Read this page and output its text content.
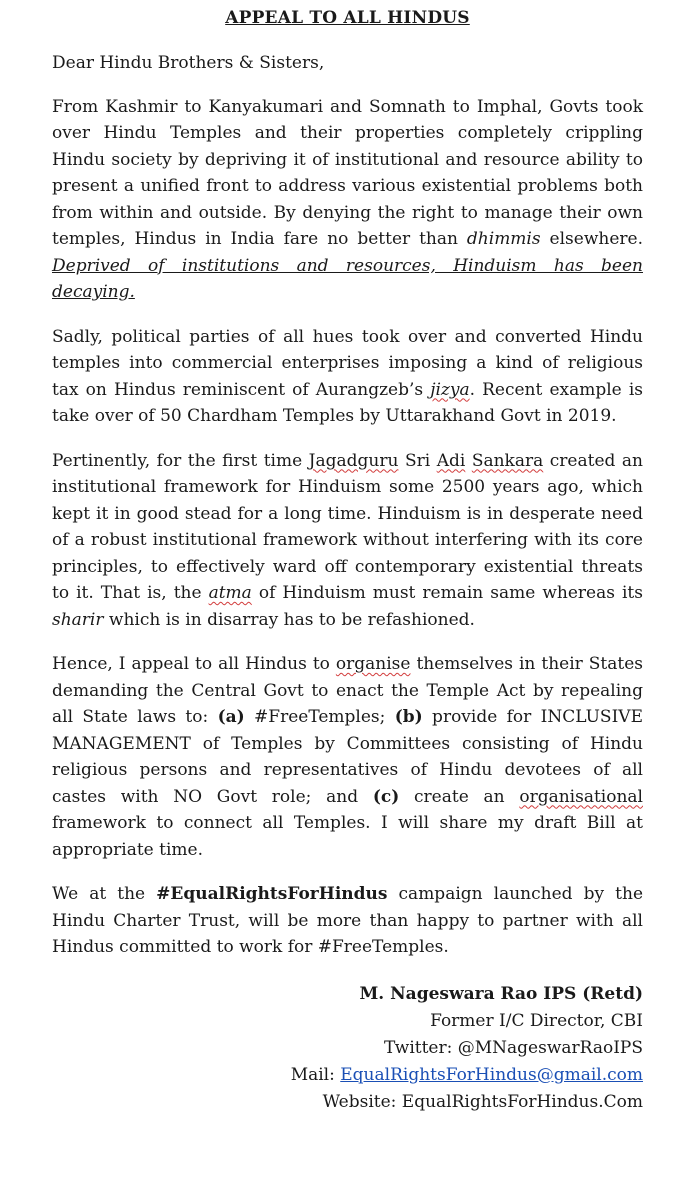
APPEAL TO ALL HINDUS
Dear Hindu Brothers & Sisters,
From Kashmir to Kanyakumari and Somnath to Imphal, Govts took over Hindu Temples and their properties completely crippling Hindu society by depriving it of institutional and resource ability to present a unified front to address various existential problems both from within and outside. By denying the right to manage their own temples, Hindus in India fare no better than dhimmis elsewhere. Deprived of institutions and resources, Hinduism has been decaying.
Sadly, political parties of all hues took over and converted Hindu temples into commercial enterprises imposing a kind of religious tax on Hindus reminiscent of Aurangzeb’s jizya. Recent example is take over of 50 Chardham Temples by Uttarakhand Govt in 2019.
Pertinently, for the first time Jagadguru Sri Adi Sankara created an institutional framework for Hinduism some 2500 years ago, which kept it in good stead for a long time. Hinduism is in desperate need of a robust institutional framework without interfering with its core principles, to effectively ward off contemporary existential threats to it. That is, the atma of Hinduism must remain same whereas its sharir which is in disarray has to be refashioned.
Hence, I appeal to all Hindus to organise themselves in their States demanding the Central Govt to enact the Temple Act by repealing all State laws to: (a) #FreeTemples; (b) provide for INCLUSIVE MANAGEMENT of Temples by Committees consisting of Hindu religious persons and representatives of Hindu devotees of all castes with NO Govt role; and (c) create an organisational framework to connect all Temples. I will share my draft Bill at appropriate time.
We at the #EqualRightsForHindus campaign launched by the Hindu Charter Trust, will be more than happy to partner with all Hindus committed to work for #FreeTemples.
M. Nageswara Rao IPS (Retd)
Former I/C Director, CBI
Twitter: @MNageswarRaoIPS
Mail: EqualRightsForHindus@gmail.com
Website: EqualRightsForHindus.Com
